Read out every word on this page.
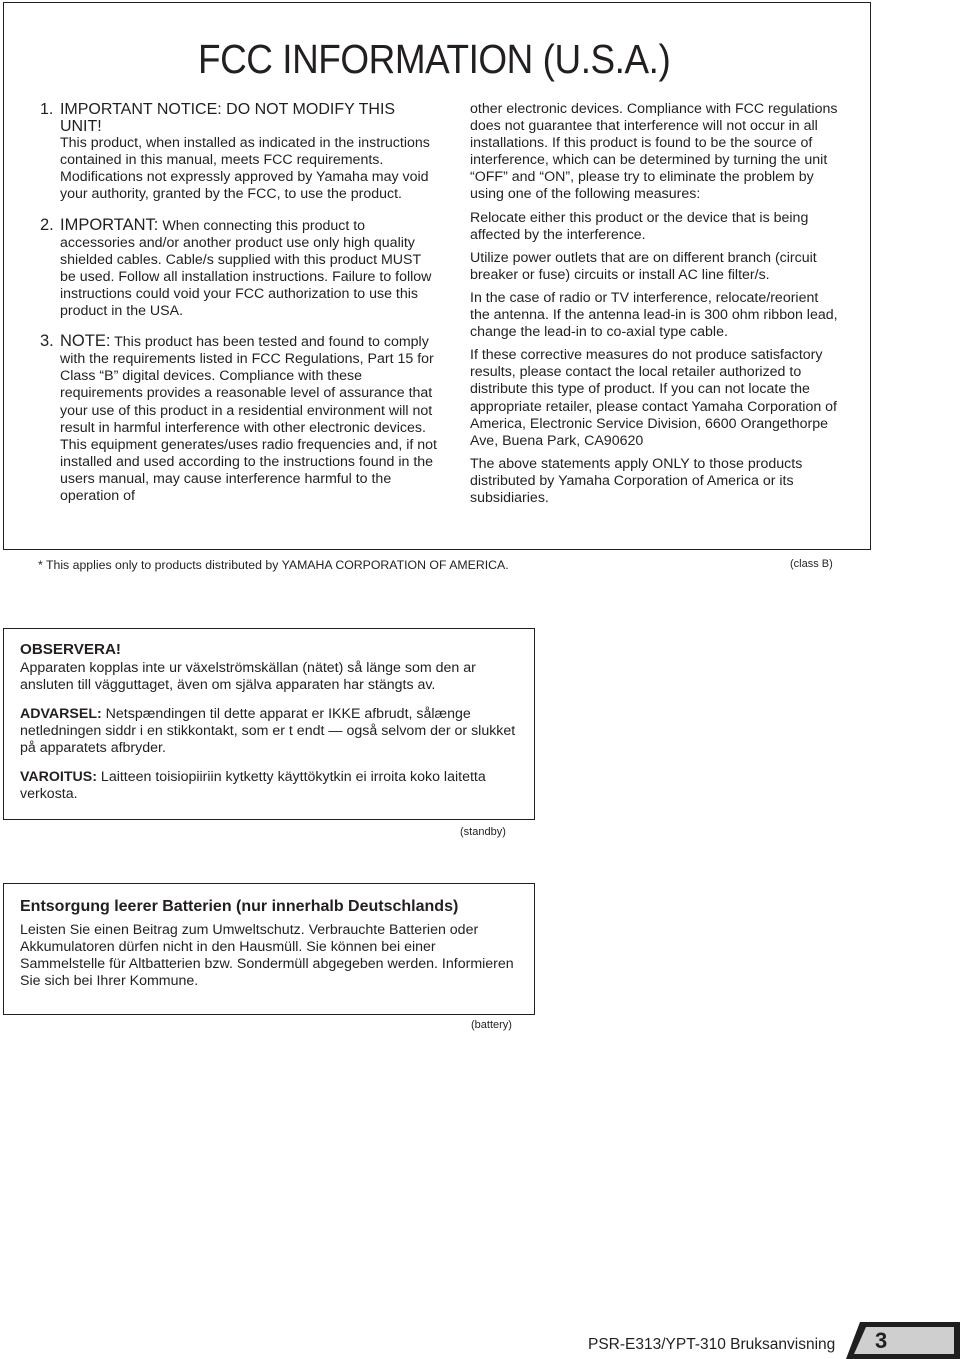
FCC INFORMATION (U.S.A.)
1. IMPORTANT NOTICE: DO NOT MODIFY THIS UNIT!
This product, when installed as indicated in the instructions contained in this manual, meets FCC requirements. Modifications not expressly approved by Yamaha may void your authority, granted by the FCC, to use the product.
2. IMPORTANT: When connecting this product to accessories and/or another product use only high quality shielded cables. Cable/s supplied with this product MUST be used. Follow all installation instructions. Failure to follow instructions could void your FCC authorization to use this product in the USA.
3. NOTE: This product has been tested and found to comply with the requirements listed in FCC Regulations, Part 15 for Class “B” digital devices. Compliance with these requirements provides a reasonable level of assurance that your use of this product in a residential environment will not result in harmful interference with other electronic devices. This equipment generates/uses radio frequencies and, if not installed and used according to the instructions found in the users manual, may cause interference harmful to the operation of

other electronic devices. Compliance with FCC regulations does not guarantee that interference will not occur in all installations. If this product is found to be the source of interference, which can be determined by turning the unit “OFF” and “ON”, please try to eliminate the problem by using one of the following measures:

Relocate either this product or the device that is being affected by the interference.

Utilize power outlets that are on different branch (circuit breaker or fuse) circuits or install AC line filter/s.

In the case of radio or TV interference, relocate/reorient the antenna. If the antenna lead-in is 300 ohm ribbon lead, change the lead-in to co-axial type cable.

If these corrective measures do not produce satisfactory results, please contact the local retailer authorized to distribute this type of product. If you can not locate the appropriate retailer, please contact Yamaha Corporation of America, Electronic Service Division, 6600 Orangethorpe Ave, Buena Park, CA90620

The above statements apply ONLY to those products distributed by Yamaha Corporation of America or its subsidiaries.

* This applies only to products distributed by YAMAHA CORPORATION OF AMERICA.	(class B)
OBSERVERA!
Apparaten kopplas inte ur växelströmskällan (nätet) så länge som den ar ansluten till vägguttaget, även om själva apparaten har stängts av.
ADVARSEL: Netspændingen til dette apparat er IKKE afbrudt, sålænge netledningen siddr i en stikkontakt, som er t endt — også selvom der or slukket på apparatets afbryder.
VAROITUS: Laitteen toisiopiiriin kytketty käyttökytkin ei irroita koko laitetta verkosta.
(standby)
Entsorgung leerer Batterien (nur innerhalb Deutschlands)
Leisten Sie einen Beitrag zum Umweltschutz. Verbrauchte Batterien oder Akkumulatoren dürfen nicht in den Hausmüll. Sie können bei einer Sammelstelle für Altbatterien bzw. Sondermüll abgegeben werden. Informieren Sie sich bei Ihrer Kommune.
(battery)
PSR-E313/YPT-310 Bruksanvisning 3
